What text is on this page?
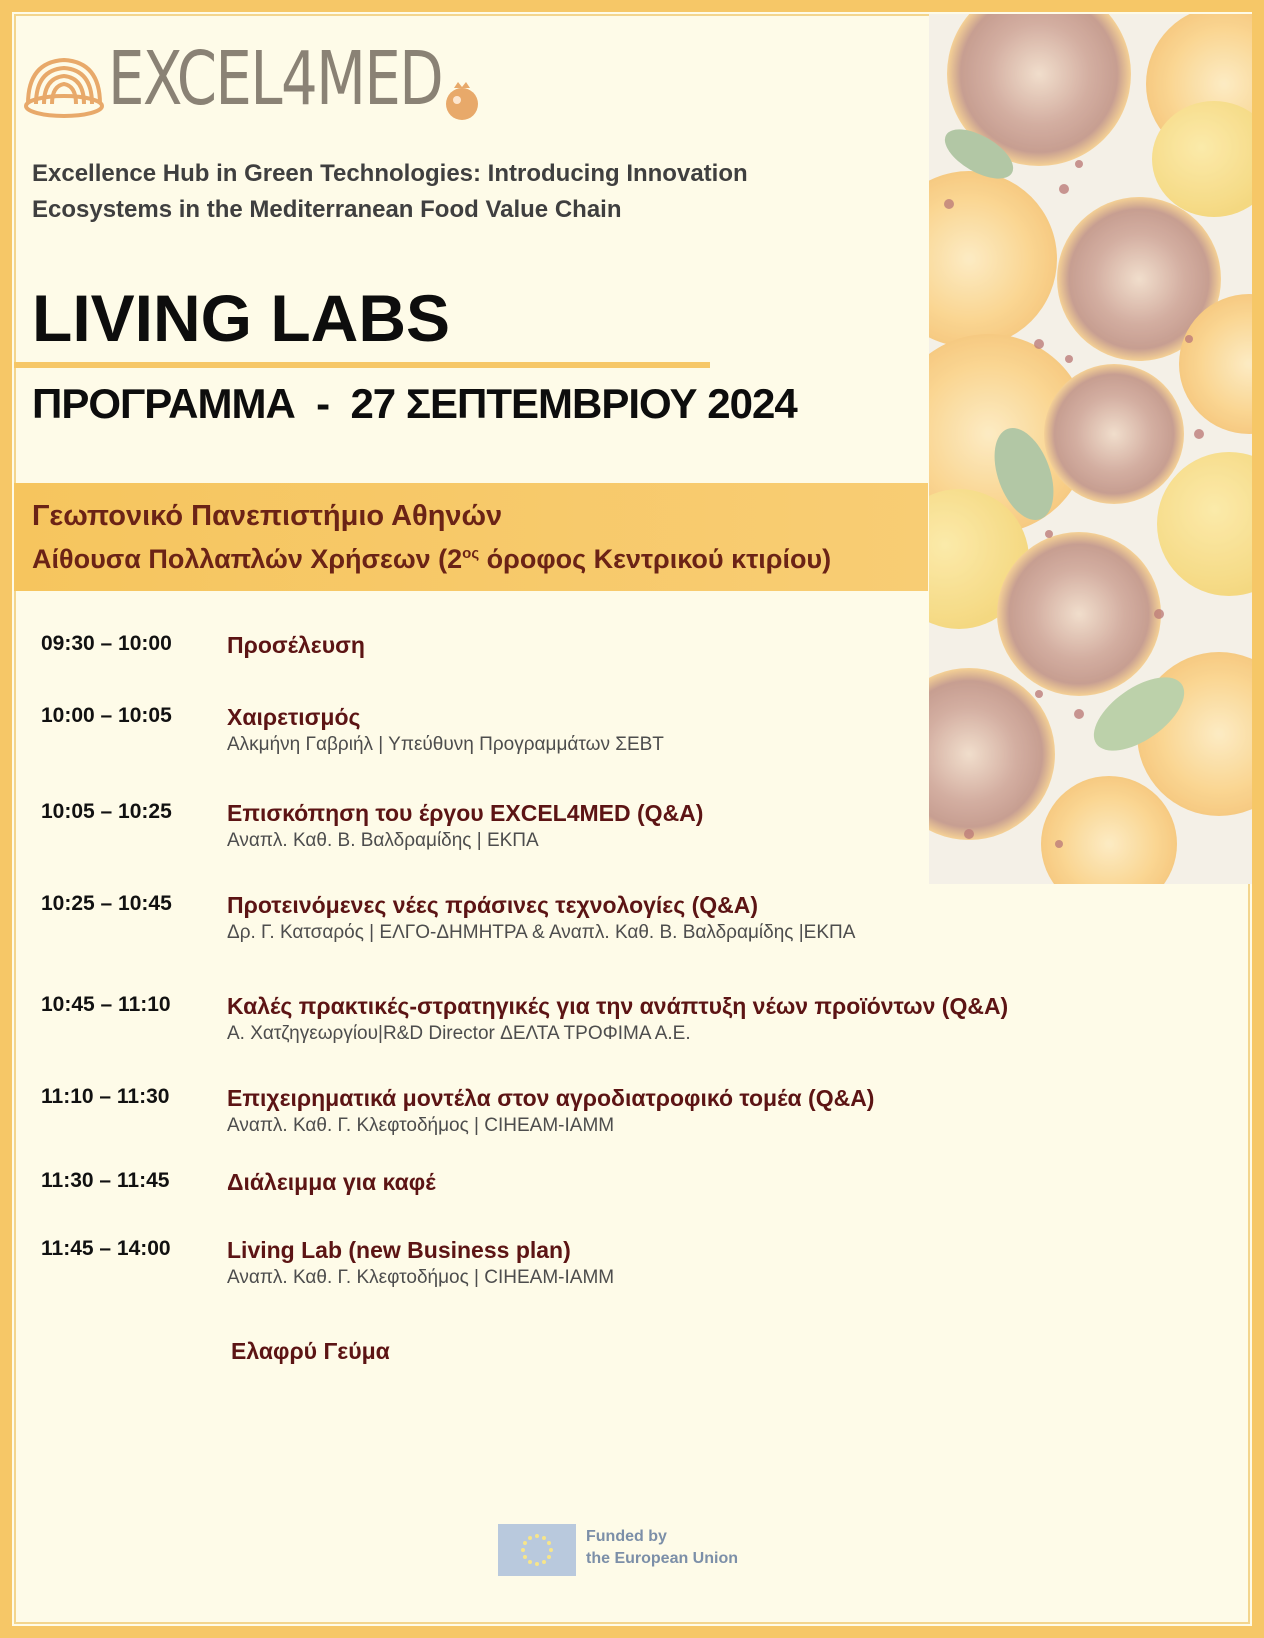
EXCEL4MED
Excellence Hub in Green Technologies: Introducing Innovation
Ecosystems in the Mediterranean Food Value Chain
LIVING LABS
ΠΡΟΓΡΑΜΜΑ  -  27 ΣΕΠΤΕΜΒΡΙΟΥ 2024
Γεωπονικό Πανεπιστήμιο Αθηνών
Αίθουσα Πολλαπλών Χρήσεων ($2^{o\varsigma}$ όροφος Κεντρικού κτιρίου)
09:30 – 10:00	Προσέλευση
10:00 – 10:05	Χαιρετισμός
Αλκμήνη Γαβριήλ | Υπεύθυνη Προγραμμάτων ΣΕΒΤ
10:05 – 10:25	Επισκόπηση του έργου EXCEL4MED (Q&A)
Αναπλ. Καθ. Β. Βαλδραμίδης | ΕΚΠΑ
10:25 – 10:45	Προτεινόμενες νέες πράσινες τεχνολογίες (Q&A)
Δρ. Γ. Κατσαρός | ΕΛΓΟ-ΔΗΜΗΤΡΑ & Αναπλ. Καθ. Β. Βαλδραμίδης |ΕΚΠΑ
10:45 – 11:10	Καλές πρακτικές-στρατηγικές για την ανάπτυξη νέων προϊόντων (Q&A)
Α. Χατζηγεωργίου|R&D Director ΔΕΛΤΑ ΤΡΟΦΙΜΑ Α.Ε.
11:10 – 11:30	Επιχειρηματικά μοντέλα στον αγροδιατροφικό τομέα (Q&A)
Αναπλ. Καθ. Γ. Κλεφτοδήμος | CIHEAM-IAMM
11:30 – 11:45	Διάλειμμα για καφέ
11:45 – 14:00	Living Lab (new Business plan)
Αναπλ. Καθ. Γ. Κλεφτοδήμος | CIHEAM-IAMM
Ελαφρύ Γεύμα
Funded by
the European Union
